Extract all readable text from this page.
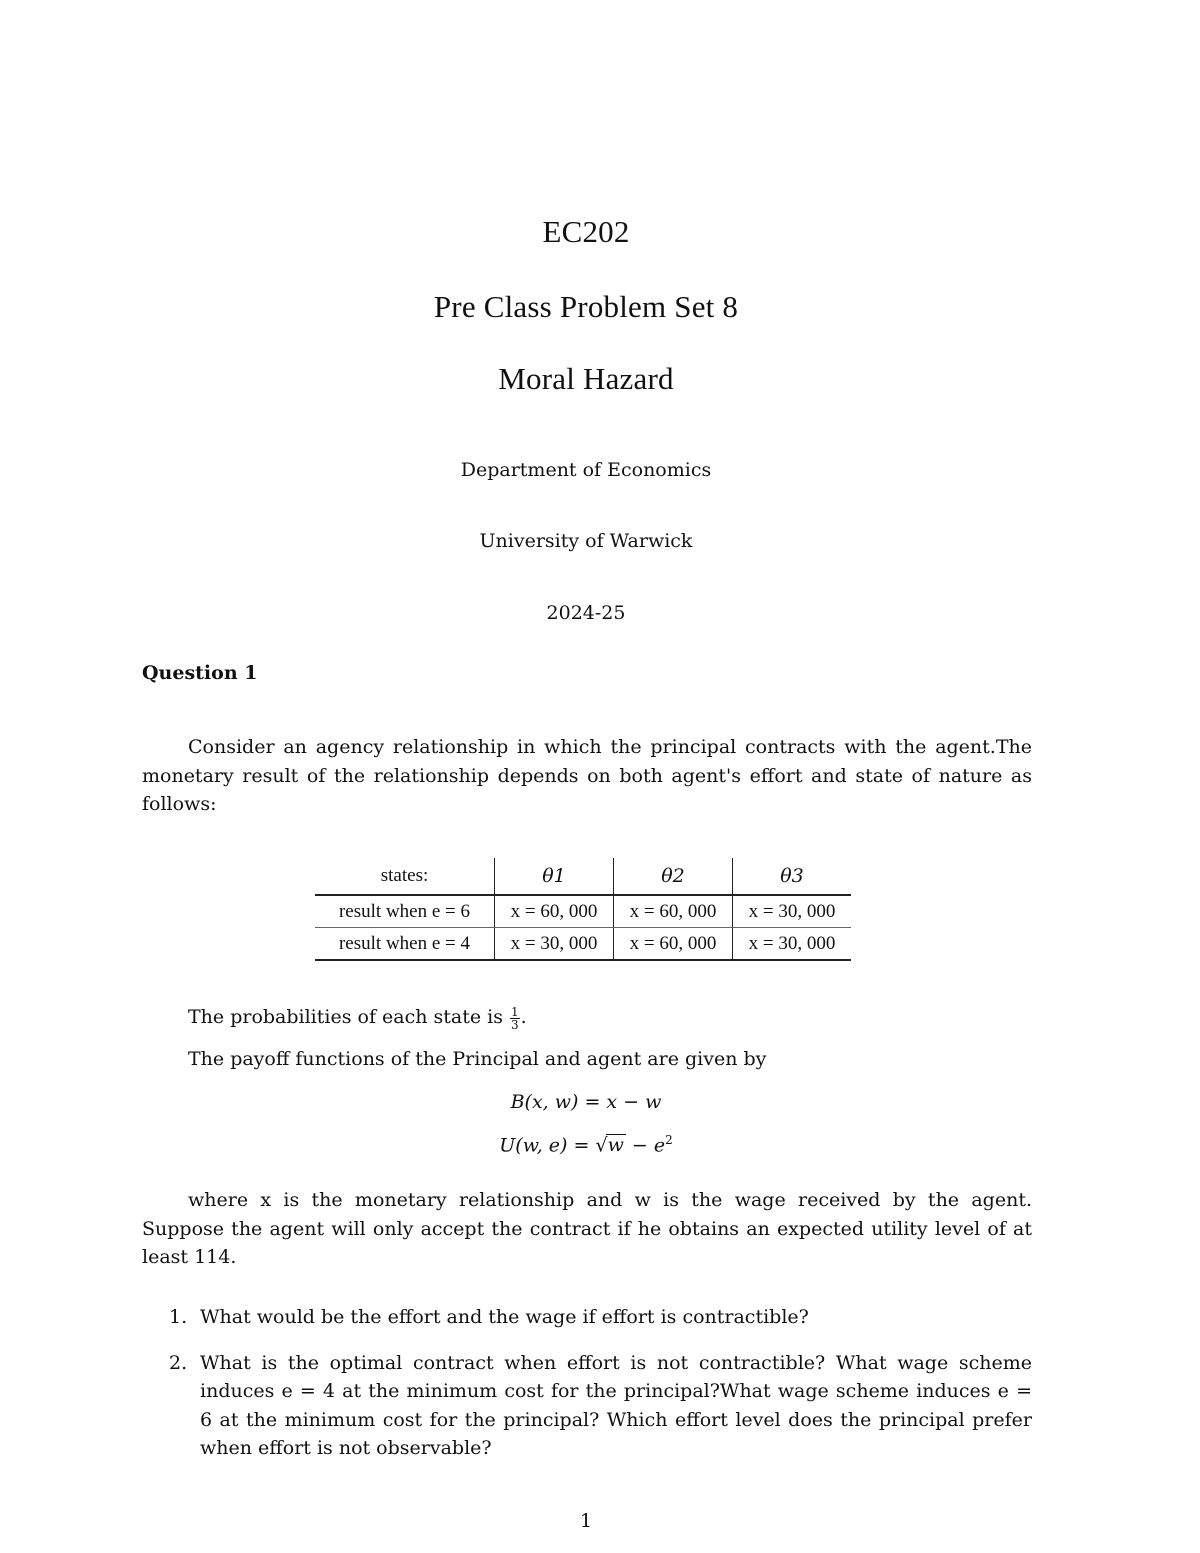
EC202
Pre Class Problem Set 8
Moral Hazard
Department of Economics
University of Warwick
2024-25
Question 1
Consider an agency relationship in which the principal contracts with the agent.The monetary result of the relationship depends on both agent's effort and state of nature as follows:
states:	θ1	θ2	θ3
result when e = 6	x = 60, 000	x = 60, 000	x = 30, 000
result when e = 4	x = 30, 000	x = 60, 000	x = 30, 000
The probabilities of each state is $\frac{1}{3}$ .
The payoff functions of the Principal and agent are given by
B(x, w) = x − w
U(w, $e) = √w - e^2$
where x is the monetary relationship and w is the wage received by the agent. Suppose the agent will only accept the contract if he obtains an expected utility level of at least 114.
1. What would be the effort and the wage if effort is contractible?
2. What is the optimal contract when effort is not contractible? What wage scheme induces e = 4 at the minimum cost for the principal?What wage scheme induces e = 6 at the minimum cost for the principal? Which effort level does the principal prefer when effort is not observable?
1
